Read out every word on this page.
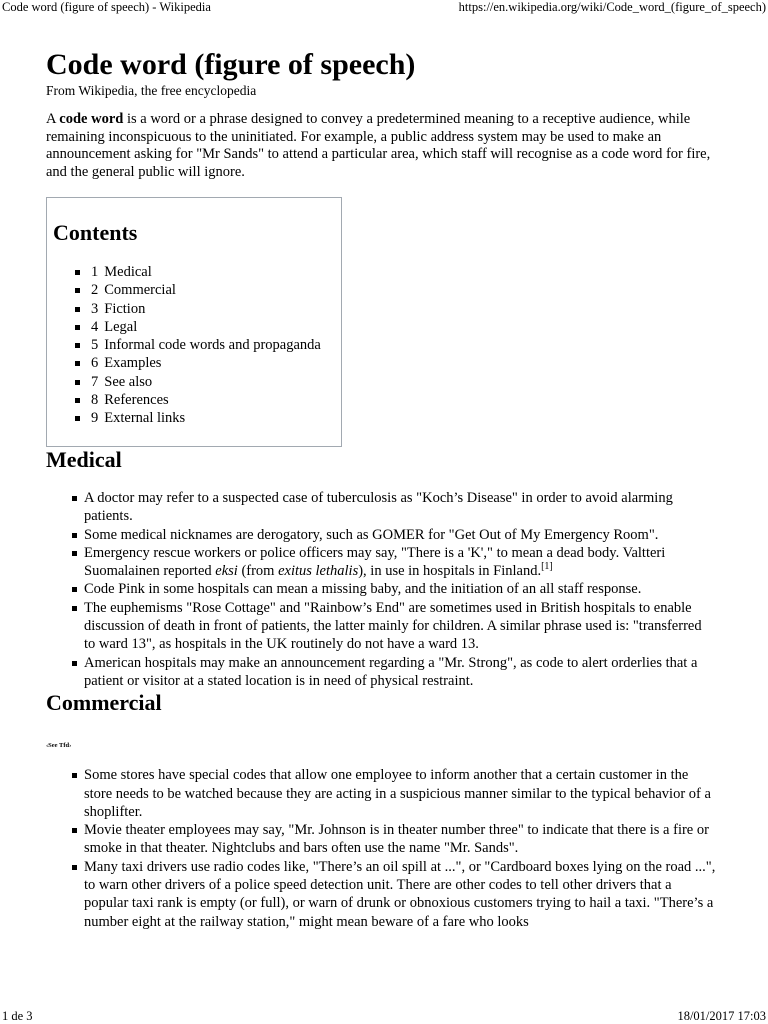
Code word (figure of speech) - Wikipedia	https://en.wikipedia.org/wiki/Code_word_(figure_of_speech)
Code word (figure of speech)
From Wikipedia, the free encyclopedia

A code word is a word or a phrase designed to convey a predetermined meaning to a receptive audience, while remaining inconspicuous to the uninitiated. For example, a public address system may be used to make an announcement asking for "Mr Sands" to attend a particular area, which staff will recognise as a code word for fire, and the general public will ignore.

Contents
1 Medical
2 Commercial
3 Fiction
4 Legal
5 Informal code words and propaganda
6 Examples
7 See also
8 References
9 External links
Medical
A doctor may refer to a suspected case of tuberculosis as "Koch’s Disease" in order to avoid alarming patients.
Some medical nicknames are derogatory, such as GOMER for "Get Out of My Emergency Room".
Emergency rescue workers or police officers may say, "There is a 'K'," to mean a dead body. Valtteri Suomalainen reported eksi (from exitus lethalis), in use in hospitals in Finland.[1]
Code Pink in some hospitals can mean a missing baby, and the initiation of an all staff response.
The euphemisms "Rose Cottage" and "Rainbow’s End" are sometimes used in British hospitals to enable discussion of death in front of patients, the latter mainly for children. A similar phrase used is: "transferred to ward 13", as hospitals in the UK routinely do not have a ward 13.
American hospitals may make an announcement regarding a "Mr. Strong", as code to alert orderlies that a patient or visitor at a stated location is in need of physical restraint.
Commercial
‹See Tfd›
Some stores have special codes that allow one employee to inform another that a certain customer in the store needs to be watched because they are acting in a suspicious manner similar to the typical behavior of a shoplifter.
Movie theater employees may say, "Mr. Johnson is in theater number three" to indicate that there is a fire or smoke in that theater. Nightclubs and bars often use the name "Mr. Sands".
Many taxi drivers use radio codes like, "There’s an oil spill at ...", or "Cardboard boxes lying on the road ...", to warn other drivers of a police speed detection unit. There are other codes to tell other drivers that a popular taxi rank is empty (or full), or warn of drunk or obnoxious customers trying to hail a taxi. "There’s a number eight at the railway station," might mean beware of a fare who looks
1 de 3	18/01/2017 17:03
